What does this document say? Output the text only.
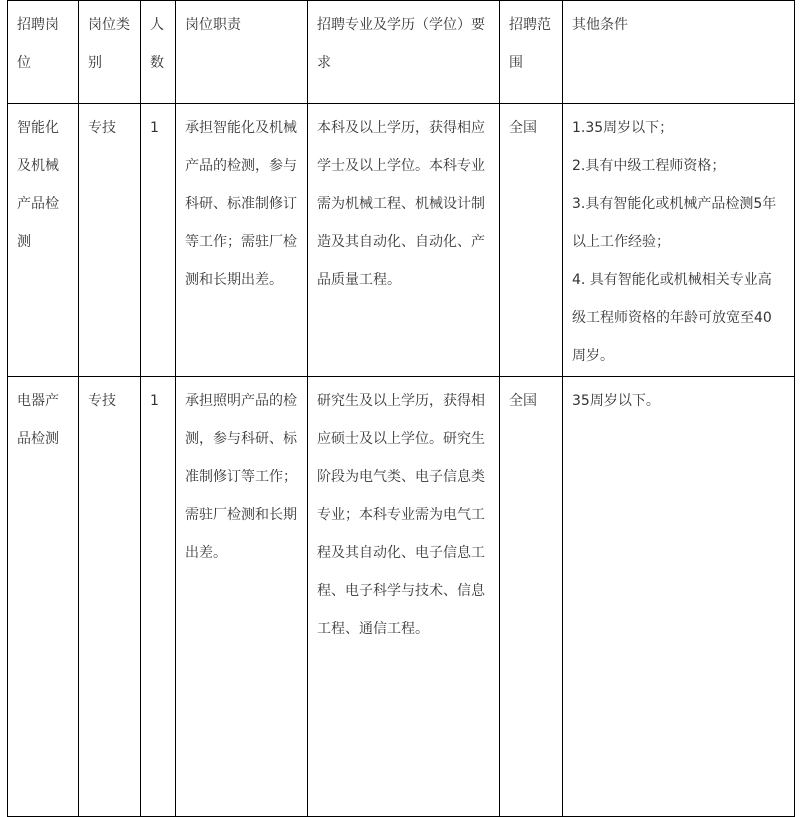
招聘岗位	岗位类别	人数	岗位职责	招聘专业及学历（学位）要求	招聘范围	其他条件
智能化及机械产品检测	专技	1	承担智能化及机械产品的检测，参与科研、标准制修订等工作；需驻厂检测和长期出差。	本科及以上学历，获得相应学士及以上学位。本科专业需为机械工程、机械设计制造及其自动化、自动化、产品质量工程。	全国	1.35周岁以下；
2.具有中级工程师资格；
3.具有智能化或机械产品检测5年以上工作经验；
4. 具有智能化或机械相关专业高级工程师资格的年龄可放宽至40周岁。

电器产品检测	专技	1	承担照明产品的检测，参与科研、标准制修订等工作；需驻厂检测和长期出差。	研究生及以上学历，获得相应硕士及以上学位。研究生阶段为电气类、电子信息类专业；本科专业需为电气工程及其自动化、电子信息工程、电子科学与技术、信息工程、通信工程。	全国	35周岁以下。
